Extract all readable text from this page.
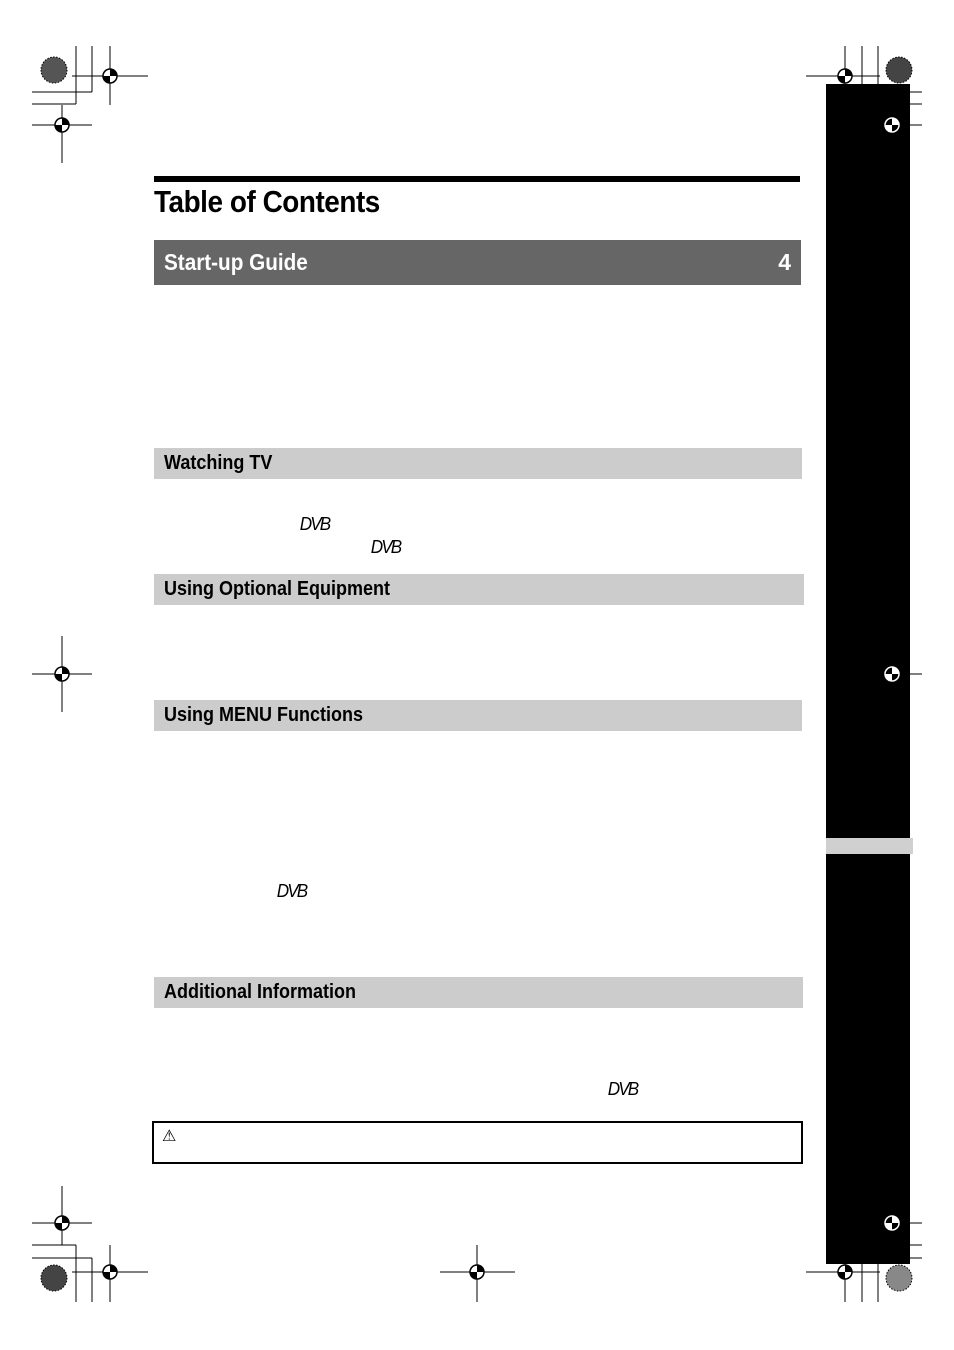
Table of Contents
Start-up Guide	4
Watching TV
DVB
DVB
Using Optional Equipment
Using MENU Functions
DVB
Additional Information
DVB
⚠
